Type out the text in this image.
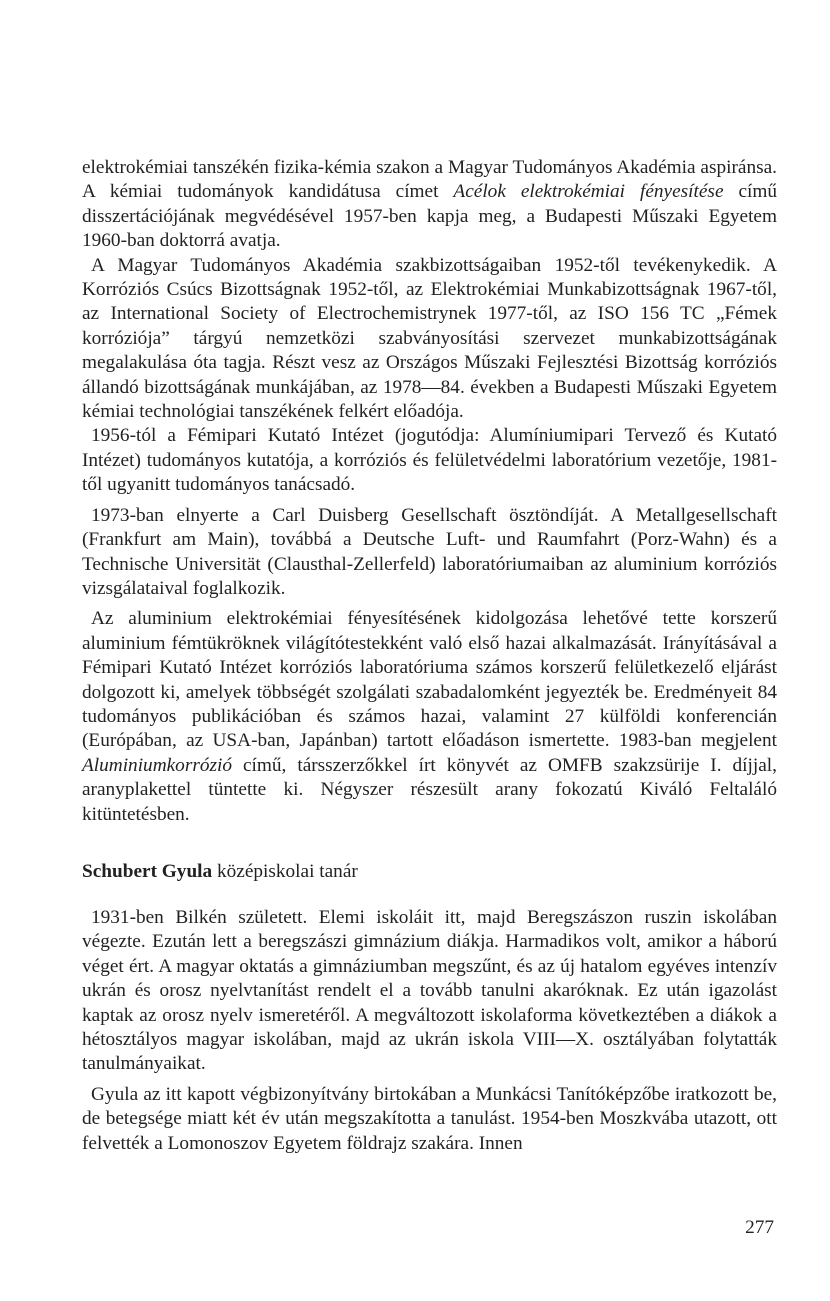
elektrokémiai tanszékén fizika-kémia szakon a Magyar Tudományos Akadémia aspiránsa. A kémiai tudományok kandidátusa címet Acélok elektrokémiai fényesítése című disszertációjának megvédésével 1957-ben kapja meg, a Budapesti Műszaki Egyetem 1960-ban doktorrá avatja.

A Magyar Tudományos Akadémia szakbizottságaiban 1952-től tevékenykedik. A Korróziós Csúcs Bizottságnak 1952-től, az Elektrokémiai Munkabizottságnak 1967-től, az International Society of Electrochemistrynek 1977-től, az ISO 156 TC „Fémek korróziója” tárgyú nemzetközi szabványosítási szervezet munkabizottságának megalakulása óta tagja. Részt vesz az Országos Műszaki Fejlesztési Bizottság korróziós állandó bizottságának munkájában, az 1978—84. években a Budapesti Műszaki Egyetem kémiai technológiai tanszékének felkért előadója.

1956-tól a Fémipari Kutató Intézet (jogutódja: Alumíniumipari Tervező és Kutató Intézet) tudományos kutatója, a korróziós és felületvédelmi laboratórium vezetője, 1981-től ugyanitt tudományos tanácsadó.

1973-ban elnyerte a Carl Duisberg Gesellschaft ösztöndíját. A Metallgesellschaft (Frankfurt am Main), továbbá a Deutsche Luft- und Raumfahrt (Porz-Wahn) és a Technische Universität (Clausthal-Zellerfeld) laboratóriumaiban az aluminium korróziós vizsgálataival foglalkozik.

Az aluminium elektrokémiai fényesítésének kidolgozása lehetővé tette korszerű aluminium fémtükröknek világítótestekként való első hazai alkalmazását. Irányításával a Fémipari Kutató Intézet korróziós laboratóriuma számos korszerű felületkezelő eljárást dolgozott ki, amelyek többségét szolgálati szabadalomként jegyezték be. Eredményeit 84 tudományos publikációban és számos hazai, valamint 27 külföldi konferencián (Európában, az USA-ban, Japánban) tartott előadáson ismertette. 1983-ban megjelent Aluminiumkorrózió című, társszerzőkkel írt könyvét az OMFB szakzsürije I. díjjal, aranyplakettel tüntette ki. Négyszer részesült arany fokozatú Kiváló Feltaláló kitüntetésben.

Schubert Gyula középiskolai tanár

1931-ben Bilkén született. Elemi iskoláit itt, majd Beregszászon ruszin iskolában végezte. Ezután lett a beregszászi gimnázium diákja. Harmadikos volt, amikor a háború véget ért. A magyar oktatás a gimnáziumban megszűnt, és az új hatalom egyéves intenzív ukrán és orosz nyelvtanítást rendelt el a tovább tanulni akaróknak. Ez után igazolást kaptak az orosz nyelv ismeretéről. A megváltozott iskolaforma következtében a diákok a hétosztályos magyar iskolában, majd az ukrán iskola VIII—X. osztályában folytatták tanulmányaikat.

Gyula az itt kapott végbizonyítvány birtokában a Munkácsi Tanítóképzőbe iratkozott be, de betegsége miatt két év után megszakította a tanulást. 1954-ben Moszkvába utazott, ott felvették a Lomonoszov Egyetem földrajz szakára. Innen

277
